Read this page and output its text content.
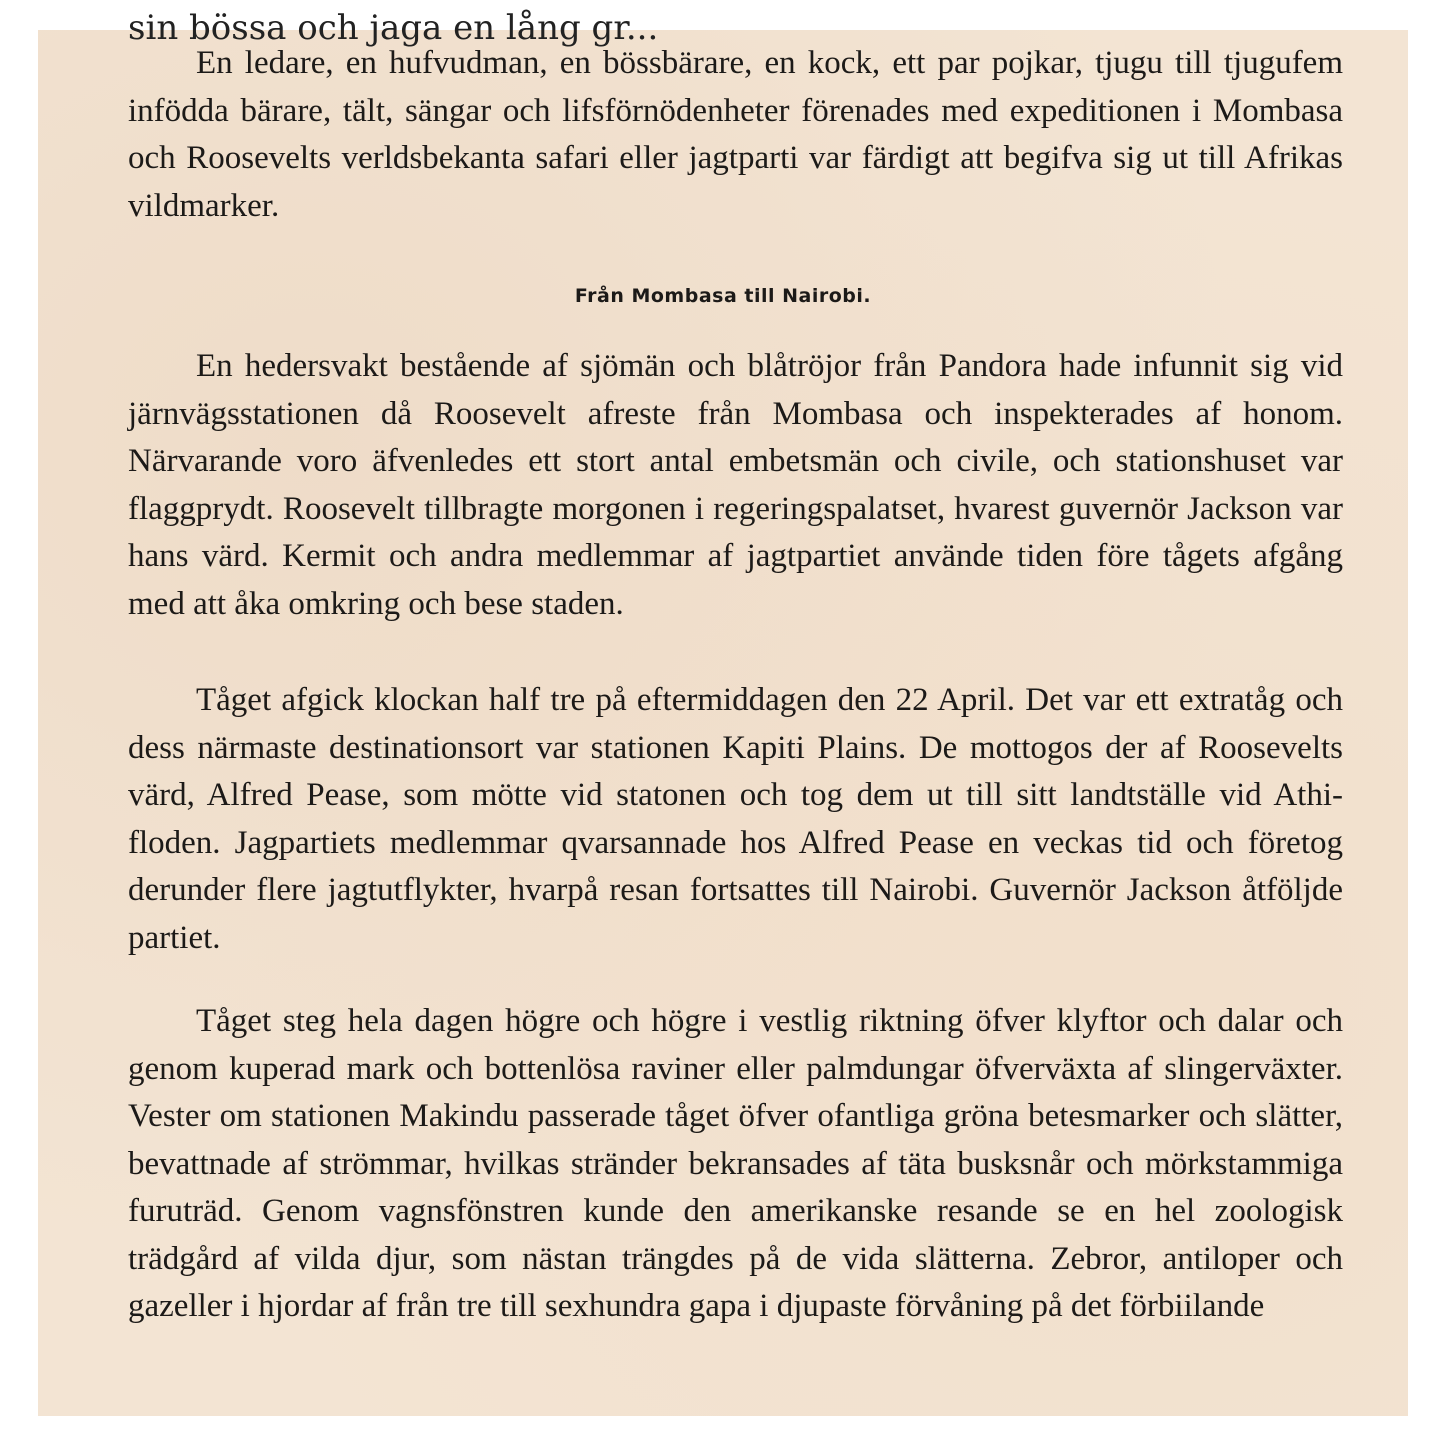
sin bössa och jaga en lång gr...

En ledare, en hufvudman, en bössbärare, en kock, ett par pojkar, tjugu till tjugufem infödda bärare, tält, sängar och lifsförnödenheter förenades med expeditionen i Mombasa och Roosevelts verldsbekanta safari eller jagtparti var färdigt att begifva sig ut till Afrikas vildmarker.

Från Mombasa till Nairobi.

En hedersvakt bestående af sjömän och blåtröjor från Pandora hade infunnit sig vid järnvägsstationen då Roosevelt afreste från Mombasa och inspekterades af honom. Närvarande voro äfvenledes ett stort antal embetsmän och civile, och stationshuset var flaggprydt. Roosevelt tillbragte morgonen i regeringspalatset, hvarest guvernör Jackson var hans värd. Kermit och andra medlemmar af jagtpartiet använde tiden före tågets afgång med att åka omkring och bese staden.

Tåget afgick klockan half tre på eftermiddagen den 22 April. Det var ett extratåg och dess närmaste destinationsort var stationen Kapiti Plains. De mottogos der af Roosevelts värd, Alfred Pease, som mötte vid statonen och tog dem ut till sitt landtställe vid Athi-floden. Jagpartiets medlemmar qvarsannade hos Alfred Pease en veckas tid och företog derunder flere jagtutflykter, hvarpå resan fortsattes till Nairobi. Guvernör Jackson åtföljde partiet.

Tåget steg hela dagen högre och högre i vestlig riktning öfver klyftor och dalar och genom kuperad mark och bottenlösa raviner eller palmdungar öfverväxta af slingerväxter. Vester om stationen Makindu passerade tåget öfver ofantliga gröna betesmarker och slätter, bevattnade af strömmar, hvilkas stränder bekransades af täta busksnår och mörkstammiga furuträd. Genom vagnsfönstren kunde den amerikanske resande se en hel zoologisk trädgård af vilda djur, som nästan trängdes på de vida slätterna. Zebror, antiloper och gazeller i hjordar af från tre till sexhundra gapa i djupaste förvåning på det förbiilande
